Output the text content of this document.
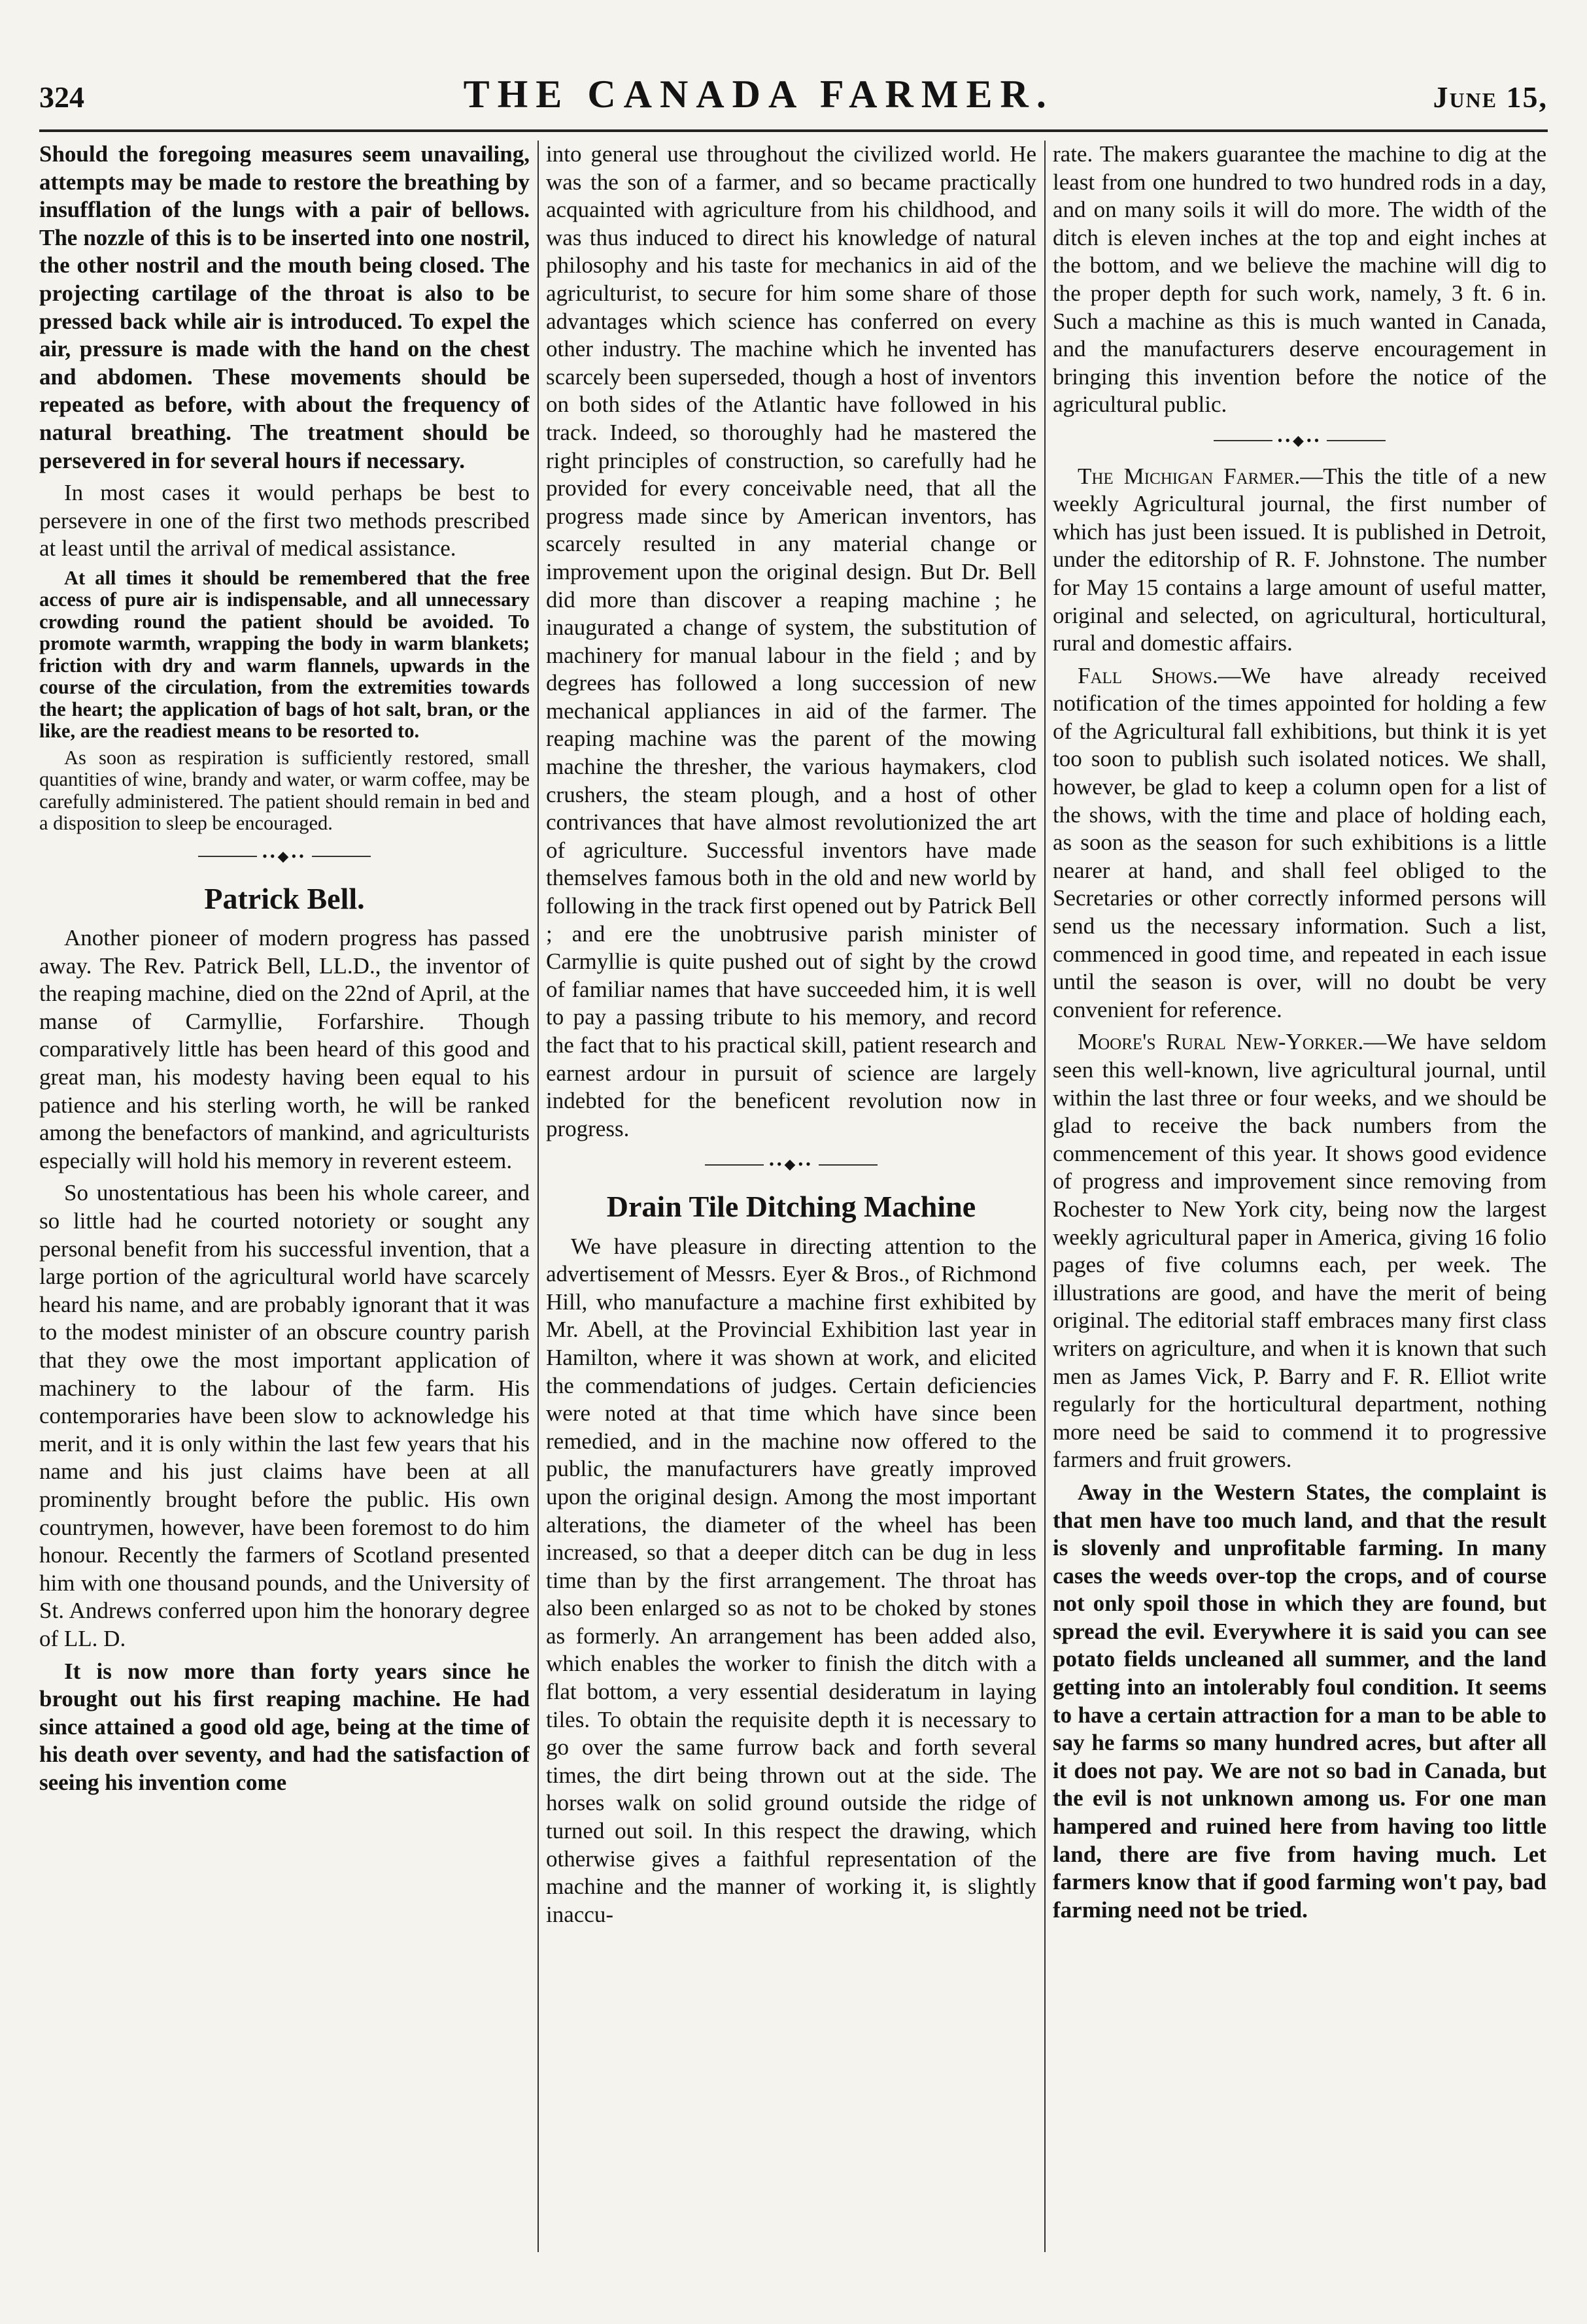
324	THE CANADA FARMER.	June 15,

Should the foregoing measures seem unavailing, attempts may be made to restore the breathing by insufflation of the lungs with a pair of bellows. The nozzle of this is to be inserted into one nostril, the other nostril and the mouth being closed. The projecting cartilage of the throat is also to be pressed back while air is introduced. To expel the air, pressure is made with the hand on the chest and abdomen. These movements should be repeated as before, with about the frequency of natural breathing. The treatment should be persevered in for several hours if necessary.

In most cases it would perhaps be best to persevere in one of the first two methods prescribed at least until the arrival of medical assistance.

At all times it should be remembered that the free access of pure air is indispensable, and all unnecessary crowding round the patient should be avoided. To promote warmth, wrapping the body in warm blankets; friction with dry and warm flannels, upwards in the course of the circulation, from the extremities towards the heart; the application of bags of hot salt, bran, or the like, are the readiest means to be resorted to.

As soon as respiration is sufficiently restored, small quantities of wine, brandy and water, or warm coffee, may be carefully administered. The patient should remain in bed and a disposition to sleep be encouraged.

••◆••
Patrick Bell.

Another pioneer of modern progress has passed away. The Rev. Patrick Bell, LL.D., the inventor of the reaping machine, died on the 22nd of April, at the manse of Carmyllie, Forfarshire. Though comparatively little has been heard of this good and great man, his modesty having been equal to his patience and his sterling worth, he will be ranked among the benefactors of mankind, and agriculturists especially will hold his memory in reverent esteem.

So unostentatious has been his whole career, and so little had he courted notoriety or sought any personal benefit from his successful invention, that a large portion of the agricultural world have scarcely heard his name, and are probably ignorant that it was to the modest minister of an obscure country parish that they owe the most important application of machinery to the labour of the farm. His contemporaries have been slow to acknowledge his merit, and it is only within the last few years that his name and his just claims have been at all prominently brought before the public. His own countrymen, however, have been foremost to do him honour. Recently the farmers of Scotland presented him with one thousand pounds, and the University of St. Andrews conferred upon him the honorary degree of LL. D.

It is now more than forty years since he brought out his first reaping machine. He had since attained a good old age, being at the time of his death over seventy, and had the satisfaction of seeing his invention come

into general use throughout the civilized world. He was the son of a farmer, and so became practically acquainted with agriculture from his childhood, and was thus induced to direct his knowledge of natural philosophy and his taste for mechanics in aid of the agriculturist, to secure for him some share of those advantages which science has conferred on every other industry. The machine which he invented has scarcely been superseded, though a host of inventors on both sides of the Atlantic have followed in his track. Indeed, so thoroughly had he mastered the right principles of construction, so carefully had he provided for every conceivable need, that all the progress made since by American inventors, has scarcely resulted in any material change or improvement upon the original design. But Dr. Bell did more than discover a reaping machine ; he inaugurated a change of system, the substitution of machinery for manual labour in the field ; and by degrees has followed a long succession of new mechanical appliances in aid of the farmer. The reaping machine was the parent of the mowing machine the thresher, the various haymakers, clod crushers, the steam plough, and a host of other contrivances that have almost revolutionized the art of agriculture. Successful inventors have made themselves famous both in the old and new world by following in the track first opened out by Patrick Bell ; and ere the unobtrusive parish minister of Carmyllie is quite pushed out of sight by the crowd of familiar names that have succeeded him, it is well to pay a passing tribute to his memory, and record the fact that to his practical skill, patient research and earnest ardour in pursuit of science are largely indebted for the beneficent revolution now in progress.

••◆••
Drain Tile Ditching Machine

We have pleasure in directing attention to the advertisement of Messrs. Eyer & Bros., of Richmond Hill, who manufacture a machine first exhibited by Mr. Abell, at the Provincial Exhibition last year in Hamilton, where it was shown at work, and elicited the commendations of judges. Certain deficiencies were noted at that time which have since been remedied, and in the machine now offered to the public, the manufacturers have greatly improved upon the original design. Among the most important alterations, the diameter of the wheel has been increased, so that a deeper ditch can be dug in less time than by the first arrangement. The throat has also been enlarged so as not to be choked by stones as formerly. An arrangement has been added also, which enables the worker to finish the ditch with a flat bottom, a very essential desideratum in laying tiles. To obtain the requisite depth it is necessary to go over the same furrow back and forth several times, the dirt being thrown out at the side. The horses walk on solid ground outside the ridge of turned out soil. In this respect the drawing, which otherwise gives a faithful representation of the machine and the manner of working it, is slightly inaccu-

rate. The makers guarantee the machine to dig at the least from one hundred to two hundred rods in a day, and on many soils it will do more. The width of the ditch is eleven inches at the top and eight inches at the bottom, and we believe the machine will dig to the proper depth for such work, namely, 3 ft. 6 in. Such a machine as this is much wanted in Canada, and the manufacturers deserve encouragement in bringing this invention before the notice of the agricultural public.

••◆••

The Michigan Farmer.—This the title of a new weekly Agricultural journal, the first number of which has just been issued. It is published in Detroit, under the editorship of R. F. Johnstone. The number for May 15 contains a large amount of useful matter, original and selected, on agricultural, horticultural, rural and domestic affairs.

Fall Shows.—We have already received notification of the times appointed for holding a few of the Agricultural fall exhibitions, but think it is yet too soon to publish such isolated notices. We shall, however, be glad to keep a column open for a list of the shows, with the time and place of holding each, as soon as the season for such exhibitions is a little nearer at hand, and shall feel obliged to the Secretaries or other correctly informed persons will send us the necessary information. Such a list, commenced in good time, and repeated in each issue until the season is over, will no doubt be very convenient for reference.

Moore's Rural New-Yorker.—We have seldom seen this well-known, live agricultural journal, until within the last three or four weeks, and we should be glad to receive the back numbers from the commencement of this year. It shows good evidence of progress and improvement since removing from Rochester to New York city, being now the largest weekly agricultural paper in America, giving 16 folio pages of five columns each, per week. The illustrations are good, and have the merit of being original. The editorial staff embraces many first class writers on agriculture, and when it is known that such men as James Vick, P. Barry and F. R. Elliot write regularly for the horticultural department, nothing more need be said to commend it to progressive farmers and fruit growers.

Away in the Western States, the complaint is that men have too much land, and that the result is slovenly and unprofitable farming. In many cases the weeds over-top the crops, and of course not only spoil those in which they are found, but spread the evil. Everywhere it is said you can see potato fields uncleaned all summer, and the land getting into an intolerably foul condition. It seems to have a certain attraction for a man to be able to say he farms so many hundred acres, but after all it does not pay. We are not so bad in Canada, but the evil is not unknown among us. For one man hampered and ruined here from having too little land, there are five from having much. Let farmers know that if good farming won't pay, bad farming need not be tried.
